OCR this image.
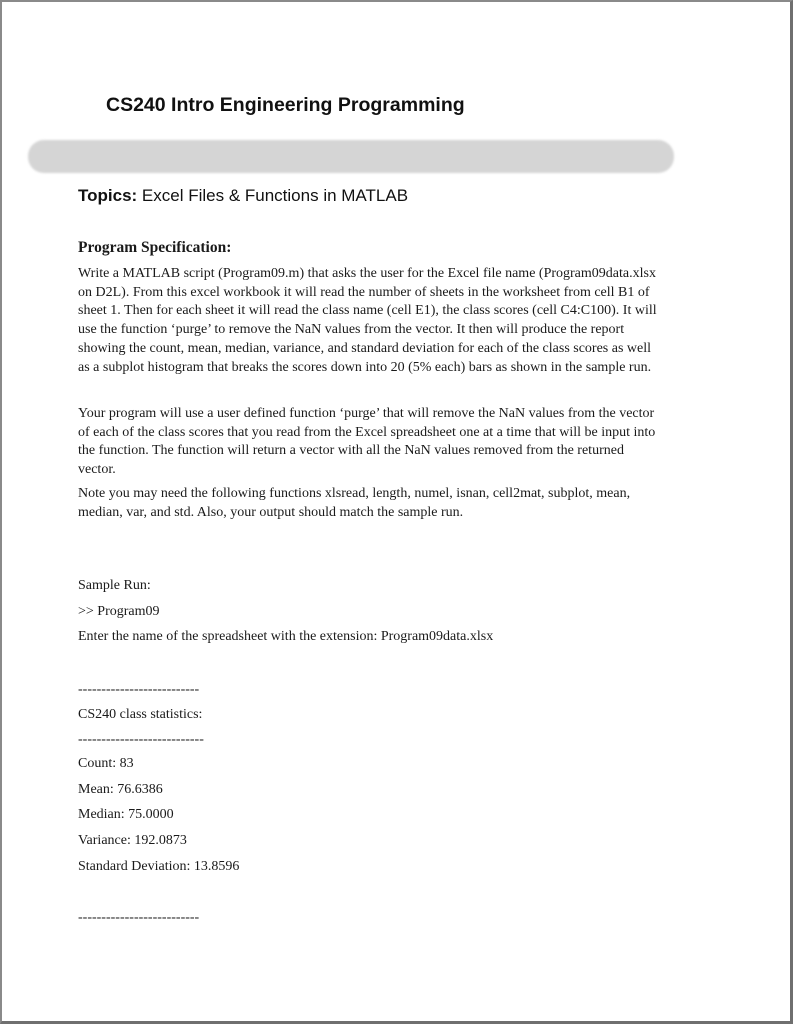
CS240 Intro Engineering Programming
Topics: Excel Files & Functions in MATLAB
Program Specification:
Write a MATLAB script (Program09.m) that asks the user for the Excel file name (Program09data.xlsx
on D2L). From this excel workbook it will read the number of sheets in the worksheet from cell B1 of
sheet 1. Then for each sheet it will read the class name (cell E1), the class scores (cell C4:C100). It will
use the function ‘purge’ to remove the NaN values from the vector. It then will produce the report
showing the count, mean, median, variance, and standard deviation for each of the class scores as well
as a subplot histogram that breaks the scores down into 20 (5% each) bars as shown in the sample run.
Your program will use a user defined function ‘purge’ that will remove the NaN values from the vector
of each of the class scores that you read from the Excel spreadsheet one at a time that will be input into
the function. The function will return a vector with all the NaN values removed from the returned
vector.
Note you may need the following functions xlsread, length, numel, isnan, cell2mat, subplot, mean,
median, var, and std. Also, your output should match the sample run.
Sample Run:
>> Program09
Enter the name of the spreadsheet with the extension: Program09data.xlsx
--------------------------
CS240 class statistics:
---------------------------
Count: 83
Mean: 76.6386
Median: 75.0000
Variance: 192.0873
Standard Deviation: 13.8596
--------------------------
